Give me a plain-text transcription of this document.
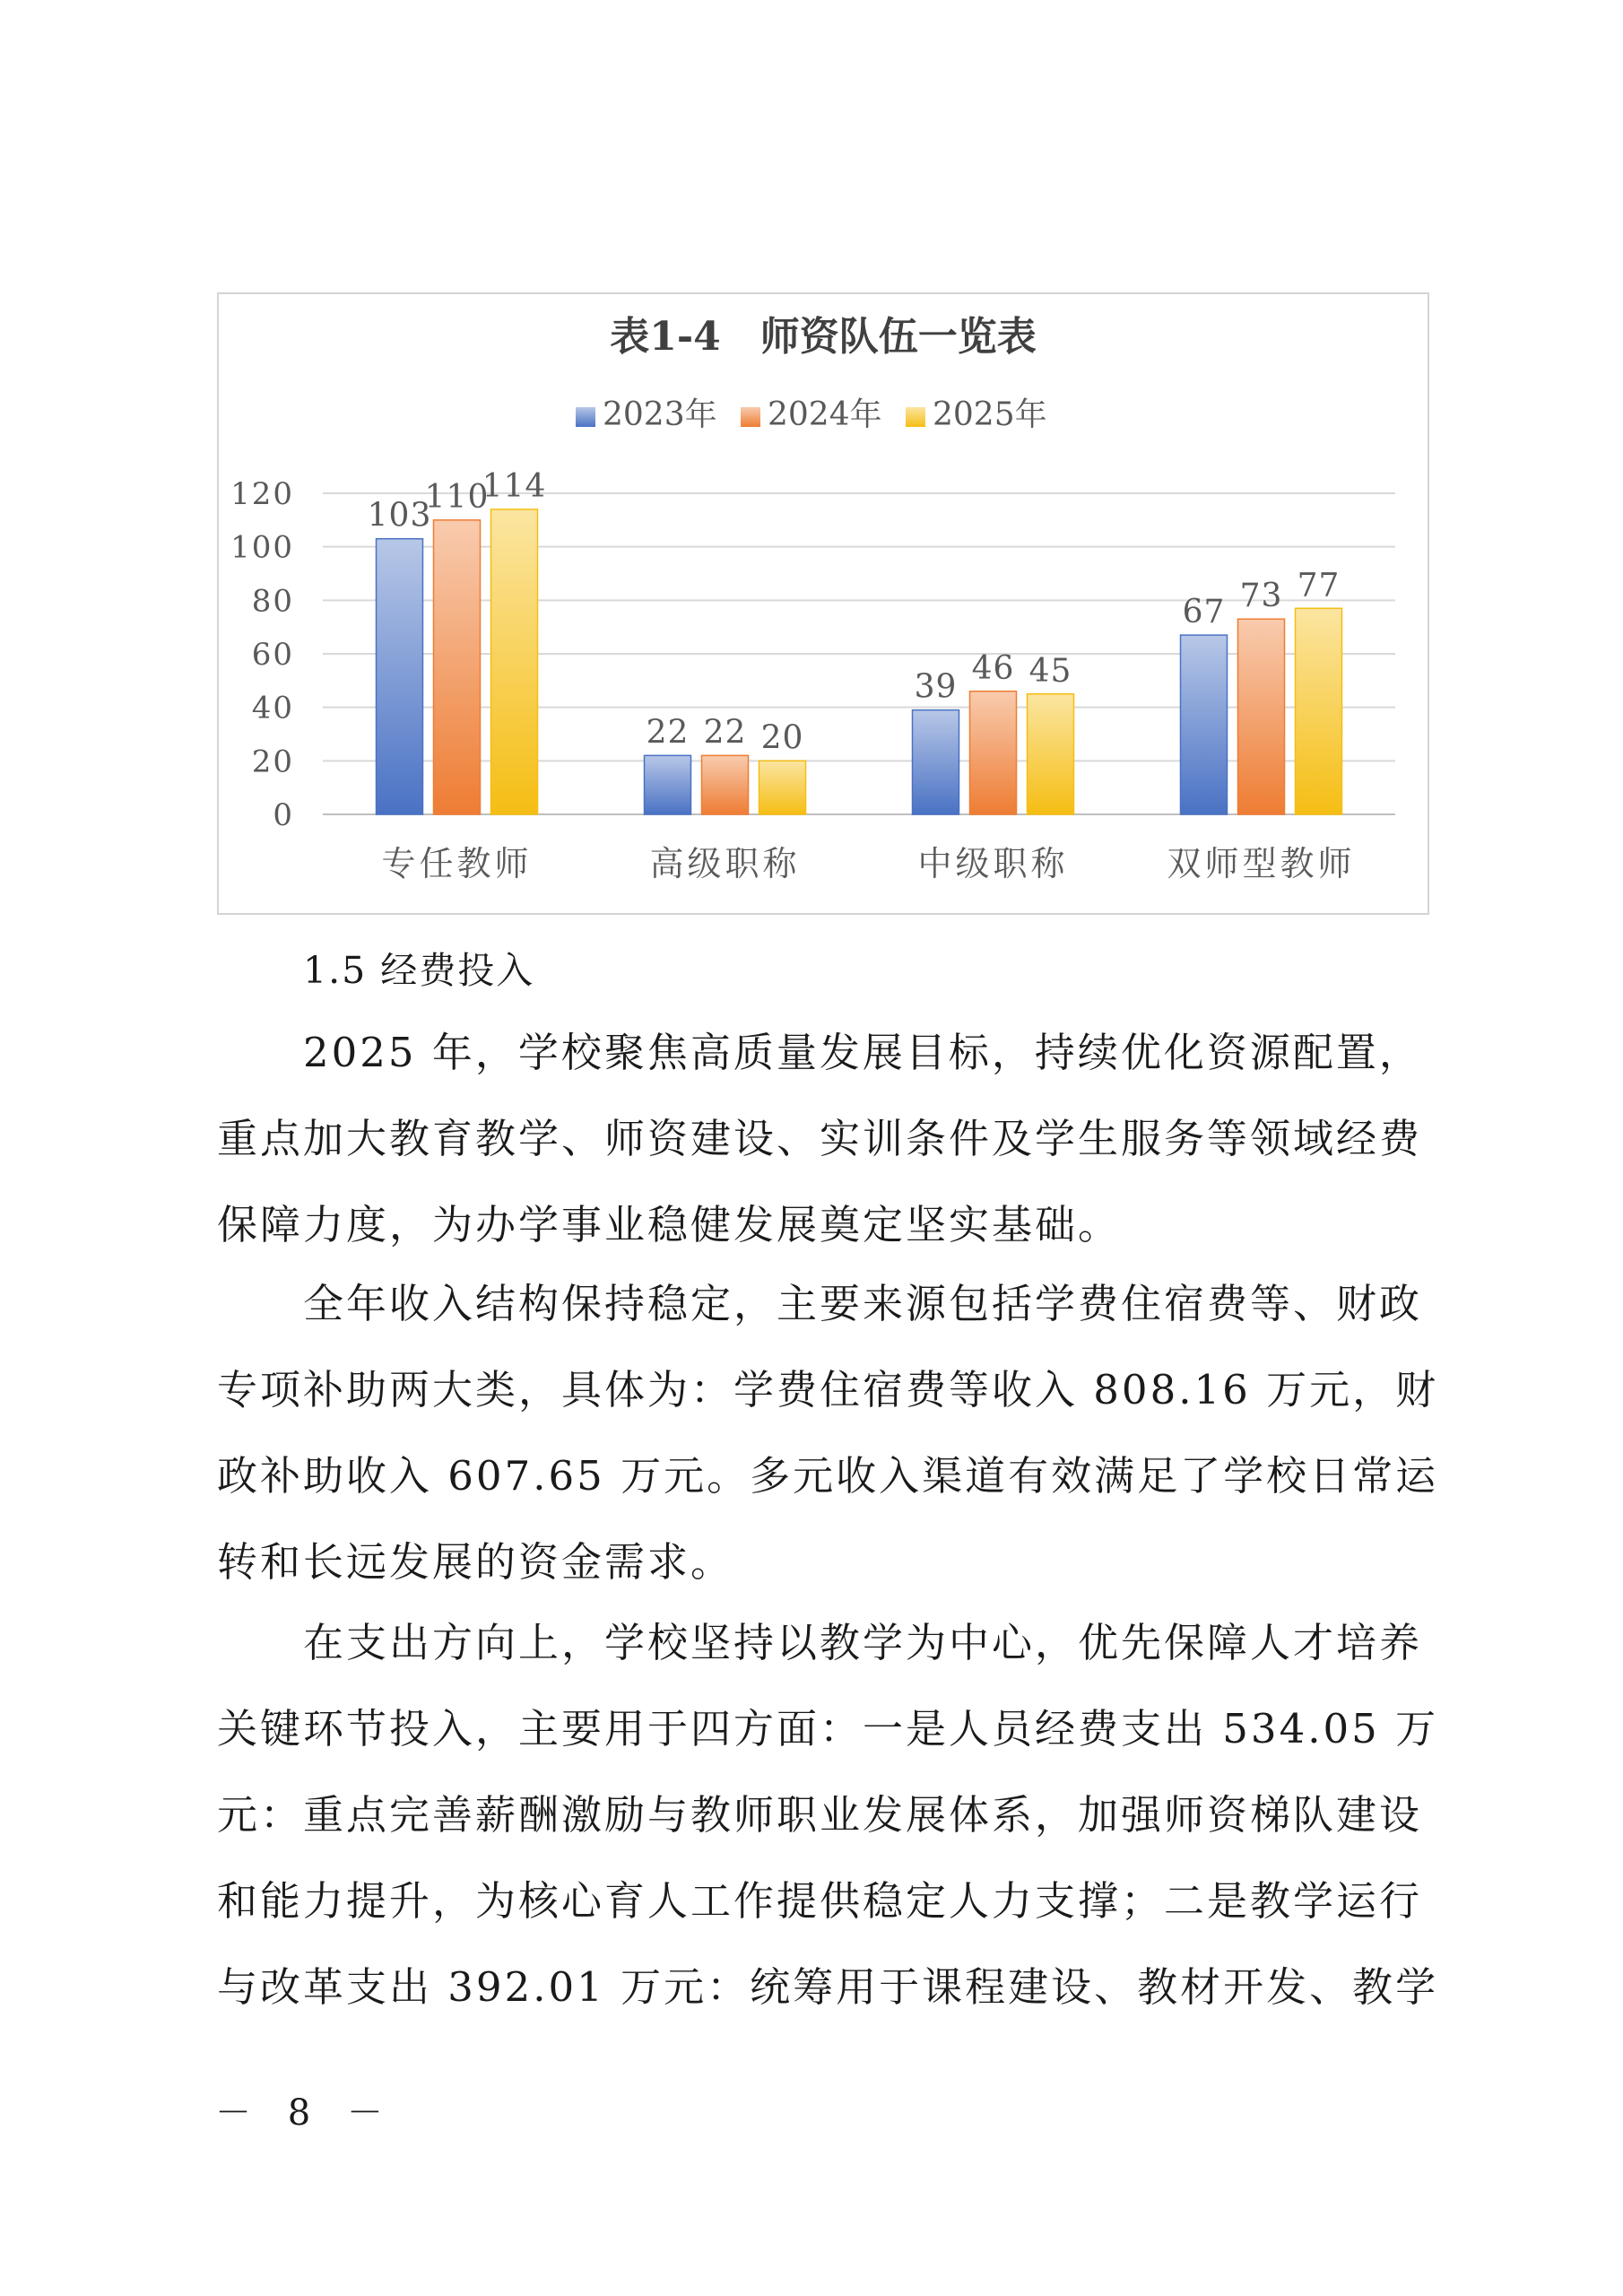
表1-4　师资队伍一览表
2023年 2024年 2025年
0
20
40
60
80
100
120
103
110
114
专任教师
22 22 20
高级职称
39
46 45
中级职称
67 73 77
双师型教师
1.5 经费投入

2025 年，学校聚焦高质量发展目标，持续优化资源配置，
重点加大教育教学、师资建设、实训条件及学生服务等领域经费
保障力度，为办学事业稳健发展奠定坚实基础。

全年收入结构保持稳定，主要来源包括学费住宿费等、财政
专项补助两大类，具体为：学费住宿费等收入 808.16 万元，财
政补助收入 607.65 万元。多元收入渠道有效满足了学校日常运
转和长远发展的资金需求。

在支出方向上，学校坚持以教学为中心，优先保障人才培养
关键环节投入，主要用于四方面：一是人员经费支出 534.05 万
元：重点完善薪酬激励与教师职业发展体系，加强师资梯队建设
和能力提升，为核心育人工作提供稳定人力支撑；二是教学运行
与改革支出 392.01 万元：统筹用于课程建设、教材开发、教学

－ 8 －
